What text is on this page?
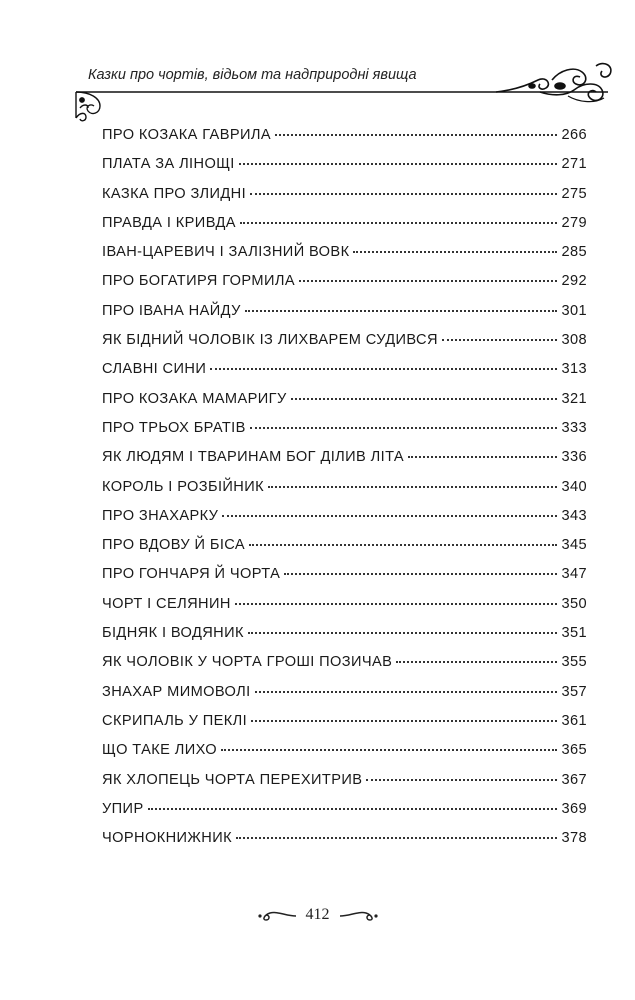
Казки про чортів, відьом та надприродні явища
ПРО КОЗАКА ГАВРИЛА	266
ПЛАТА ЗА ЛІНОЩІ	271
КАЗКА ПРО ЗЛИДНІ	275
ПРАВДА І КРИВДА	279
ІВАН-ЦАРЕВИЧ І ЗАЛІЗНИЙ ВОВК	285
ПРО БОГАТИРЯ ГОРМИЛА	292
ПРО ІВАНА НАЙДУ	301
ЯК БІДНИЙ ЧОЛОВІК ІЗ ЛИХВАРЕМ СУДИВСЯ	308
СЛАВНІ СИНИ	313
ПРО КОЗАКА МАМАРИГУ	321
ПРО ТРЬОХ БРАТІВ	333
ЯК ЛЮДЯМ І ТВАРИНАМ БОГ ДІЛИВ ЛІТА	336
КОРОЛЬ І РОЗБІЙНИК	340
ПРО ЗНАХАРКУ	343
ПРО ВДОВУ Й БІСА	345
ПРО ГОНЧАРЯ Й ЧОРТА	347
ЧОРТ І СЕЛЯНИН	350
БІДНЯК І ВОДЯНИК	351
ЯК ЧОЛОВІК У ЧОРТА ГРОШІ ПОЗИЧАВ	355
ЗНАХАР МИМОВОЛІ	357
СКРИПАЛЬ У ПЕКЛІ	361
ЩО ТАКЕ ЛИХО	365
ЯК ХЛОПЕЦЬ ЧОРТА ПЕРЕХИТРИВ	367
УПИР	369
ЧОРНОКНИЖНИК	378
412
